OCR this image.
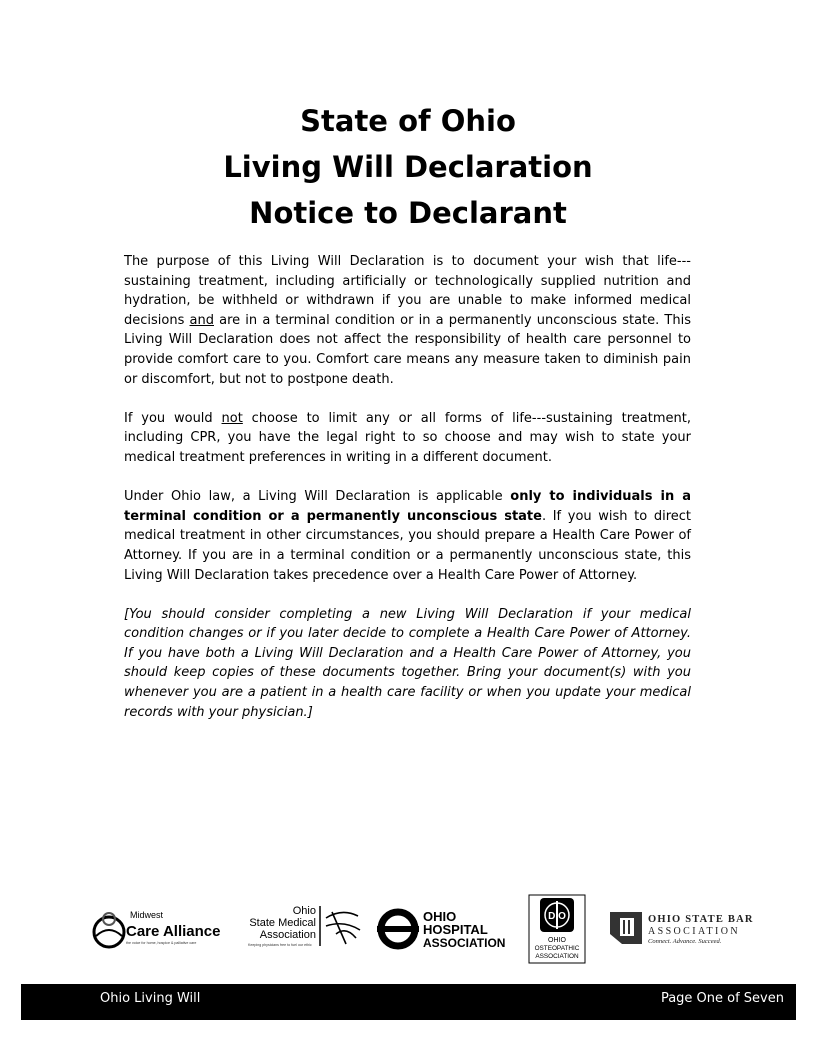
State of Ohio
Living Will Declaration
Notice to Declarant

The purpose of this Living Will Declaration is to document your wish that life---sustaining treatment, including artificially or technologically supplied nutrition and hydration, be withheld or withdrawn if you are unable to make informed medical decisions and are in a terminal condition or in a permanently unconscious state. This Living Will Declaration does not affect the responsibility of health care personnel to provide comfort care to you. Comfort care means any measure taken to diminish pain or discomfort, but not to postpone death.

If you would not choose to limit any or all forms of life---sustaining treatment, including CPR, you have the legal right to so choose and may wish to state your medical treatment preferences in writing in a different document.

Under Ohio law, a Living Will Declaration is applicable only to individuals in a terminal condition or a permanently unconscious state. If you wish to direct medical treatment in other circumstances, you should prepare a Health Care Power of Attorney. If you are in a terminal condition or a permanently unconscious state, this Living Will Declaration takes precedence over a Health Care Power of Attorney.

[You should consider completing a new Living Will Declaration if your medical condition changes or if you later decide to complete a Health Care Power of Attorney. If you have both a Living Will Declaration and a Health Care Power of Attorney, you should keep copies of these documents together. Bring your document(s) with you whenever you are a patient in a health care facility or when you update your medical records with your physician.]

Midwest
Care Alliance
the voice for home, hospice & palliative care
Ohio
State Medical
Association
Keeping physicians free to fuel our ethic
OHIO
HOSPITAL
ASSOCIATION
D O
OHIO
OSTEOPATHIC
ASSOCIATION
OHIO STATE BAR
ASSOCIATION
Connect. Advance. Succeed.
Ohio Living Will	Page One of Seven
